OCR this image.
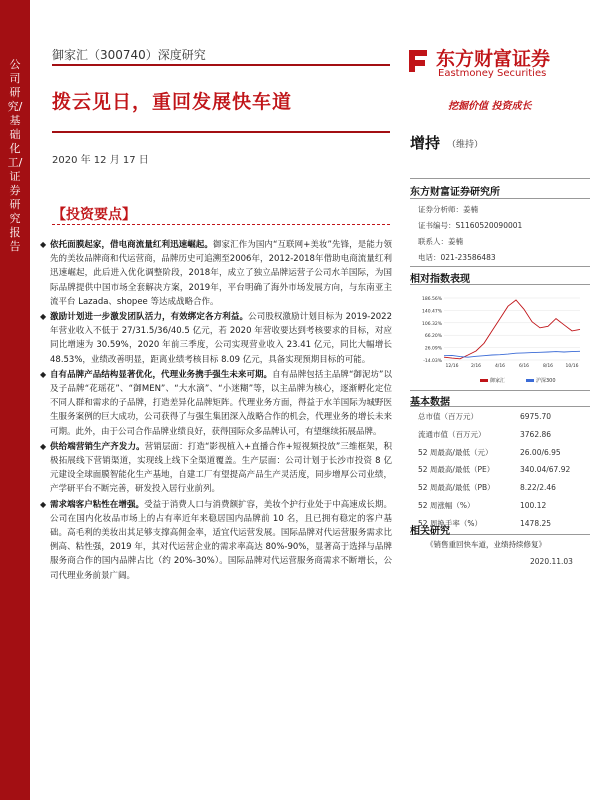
公司研究/基础化工/证券研究报告
御家汇（300740）深度研究
拨云见日，重回发展快车道
2020 年 12 月 17 日
东方财富证券
Eastmoney Securities
挖掘价值 投资成长
增持 （维持）
【投资要点】
◆ 依托面膜起家，借电商流量红利迅速崛起。御家汇作为国内“互联网+美妆”先锋，是能力领先的美妆品牌商和代运营商，品牌历史可追溯至2006年，2012-2018年借助电商流量红利迅速崛起，此后进入优化调整阶段，2018年，成立了独立品牌运营子公司水羊国际，为国际品牌提供中国市场全套解决方案，2019年，平台明确了海外市场发展方向，与东南亚主流平台 Lazada、shopee 等达成战略合作。
◆ 激励计划进一步激发团队活力，有效绑定各方利益。公司股权激励计划目标为 2019-2022 年营业收入不低于 27/31.5/36/40.5 亿元，若 2020 年营收要达到考核要求的目标，对应同比增速为 30.59%，2020 年前三季度，公司实现营业收入 23.41 亿元，同比大幅增长 48.53%，业绩改善明显，距离业绩考核目标 8.09 亿元，具备实现预期目标的可能。
◆ 自有品牌产品结构显著优化，代理业务携手强生未来可期。自有品牌包括主品牌“御泥坊”以及子品牌“花瑶花”、“御MEN”、“大水滴”、“小迷糊”等，以主品牌为核心，逐渐孵化定位不同人群和需求的子品牌，打造差异化品牌矩阵。代理业务方面，得益于水羊国际为城野医生服务案例的巨大成功，公司获得了与强生集团深入战略合作的机会，代理业务的增长未来可期。此外，由于公司合作品牌业绩良好，获得国际众多品牌认可，有望继续拓展品牌。
◆ 供给端营销生产齐发力。营销层面：打造“影视植入+直播合作+短视频投放”三维框架，积极拓展线下营销渠道，实现线上线下全渠道覆盖。生产层面：公司计划于长沙市投资 8 亿元建设全球面膜智能化生产基地，自建工厂有望提高产品生产灵活度，同步增厚公司业绩，产学研平台不断完善，研发投入居行业前列。
◆ 需求端客户粘性在增强。受益于消费人口与消费额扩容，美妆个护行业处于中高速成长期。公司在国内化妆品市场上的占有率近年来稳居国内品牌前 10 名，且已拥有稳定的客户基础。高毛利的美妆出其足够支撑高佣金率，适宜代运营发展。国际品牌对代运营服务需求比例高、粘性强，2019 年，其对代运营企业的需求率高达 80%-90%，显著高于选择与品牌服务商合作的国内品牌占比（约 20%-30%）。国际品牌对代运营服务商需求不断增长，公司代理业务前景广阔。
东方财富证券研究所
证券分析师：姜楠
证书编号：S1160520090001
联系人：姜楠
电话：021-23586483
相对指数表现
186.56%
140.47%
106.32%
66.20%
26.09%
-14.03%
12/16	2/16	4/16	6/16	8/16	10/16
御家汇	沪深300
基本数据
总市值（百万元）	6975.70
流通市值（百万元）	3762.86
52 周最高/最低（元）	26.00/6.95
52 周最高/最低（PE）	340.04/67.92
52 周最高/最低（PB）	8.22/2.46
52 周涨幅（%）	100.12
52 周换手率（%）	1478.25
相关研究
《销售重回快车道，业绩持续修复》
2020.11.03
